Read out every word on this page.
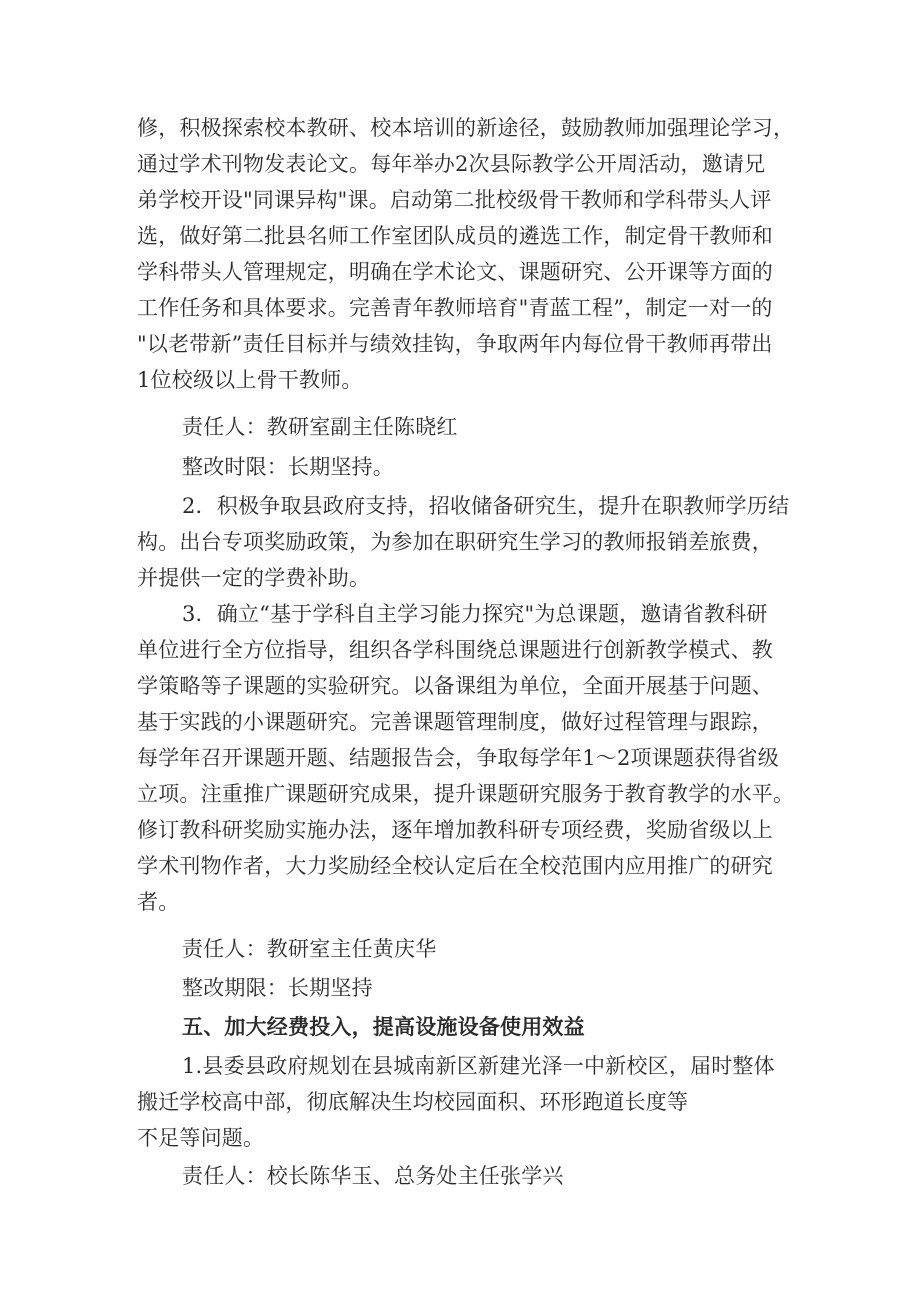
修，积极探索校本教研、校本培训的新途径，鼓励教师加强理论学习，
通过学术刊物发表论文。每年举办2次县际教学公开周活动，邀请兄
弟学校开设"同课异构"课。启动第二批校级骨干教师和学科带头人评
选，做好第二批县名师工作室团队成员的遴选工作，制定骨干教师和
学科带头人管理规定，明确在学术论文、课题研究、公开课等方面的
工作任务和具体要求。完善青年教师培育"青蓝工程”，制定一对一的
"以老带新”责任目标并与绩效挂钩，争取两年内每位骨干教师再带出
1位校级以上骨干教师。
责任人：教研室副主任陈晓红
整改时限：长期坚持。
2．积极争取县政府支持，招收储备研究生，提升在职教师学历结
构。出台专项奖励政策，为参加在职研究生学习的教师报销差旅费，
并提供一定的学费补助。
3．确立“基于学科自主学习能力探究"为总课题，邀请省教科研
单位进行全方位指导，组织各学科围绕总课题进行创新教学模式、教
学策略等子课题的实验研究。以备课组为单位，全面开展基于问题、
基于实践的小课题研究。完善课题管理制度，做好过程管理与跟踪，
每学年召开课题开题、结题报告会，争取每学年1～2项课题获得省级
立项。注重推广课题研究成果，提升课题研究服务于教育教学的水平。
修订教科研奖励实施办法，逐年增加教科研专项经费，奖励省级以上
学术刊物作者，大力奖励经全校认定后在全校范围内应用推广的研究
者。
责任人：教研室主任黄庆华
整改期限：长期坚持
五、加大经费投入，提高设施设备使用效益
1.县委县政府规划在县城南新区新建光泽一中新校区，届时整体
搬迁学校高中部，彻底解决生均校园面积、环形跑道长度等
不足等问题。
责任人：校长陈华玉、总务处主任张学兴
